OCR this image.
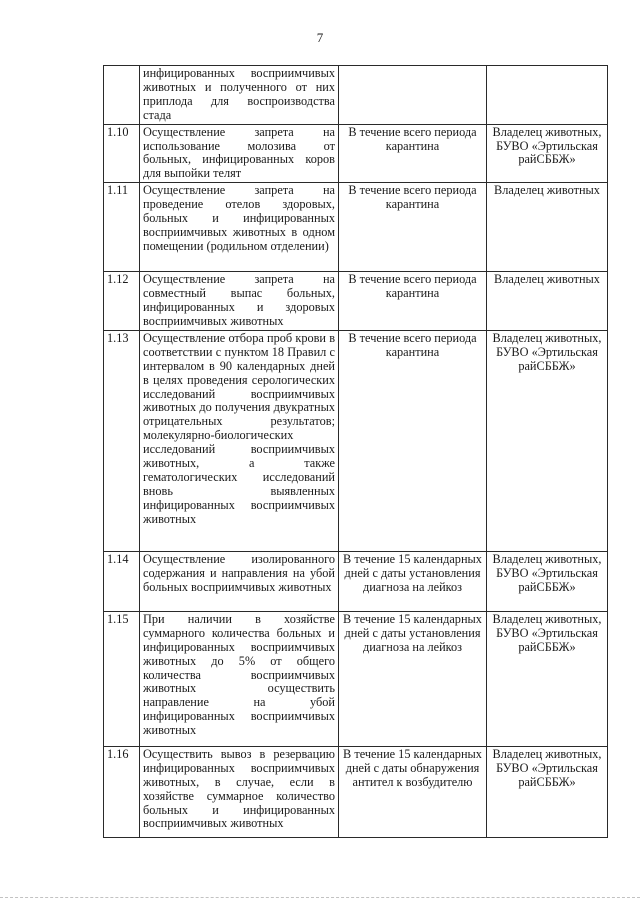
7
	инфицированных восприимчивых животных и полученного от них приплода для воспроизводства стада		
1.10	Осуществление запрета на использование молозива от больных, инфицированных коров для выпойки телят	В течение всего периода карантина	Владелец животных, БУВО «Эртильская райСББЖ»
1.11	Осуществление запрета на проведение отелов здоровых, больных и инфицированных восприимчивых животных в одном помещении (родильном отделении)	В течение всего периода карантина	Владелец животных
1.12	Осуществление запрета на совместный выпас больных, инфицированных и здоровых восприимчивых животных	В течение всего периода карантина	Владелец животных
1.13	Осуществление отбора проб крови в соответствии с пунктом 18 Правил с интервалом в 90 календарных дней в целях проведения серологических исследований восприимчивых животных до получения двукратных отрицательных результатов; молекулярно-биологических исследований восприимчивых животных, а также гематологических исследований вновь выявленных инфицированных восприимчивых животных	В течение всего периода карантина	Владелец животных, БУВО «Эртильская райСББЖ»
1.14	Осуществление изолированного содержания и направления на убой больных восприимчивых животных	В течение 15 календарных дней с даты установления диагноза на лейкоз	Владелец животных, БУВО «Эртильская райСББЖ»
1.15	При наличии в хозяйстве суммарного количества больных и инфицированных восприимчивых животных до 5% от общего количества восприимчивых животных осуществить направление на убой инфицированных восприимчивых животных	В течение 15 календарных дней с даты установления диагноза на лейкоз	Владелец животных, БУВО «Эртильская райСББЖ»
1.16	Осуществить вывоз в резервацию инфицированных восприимчивых животных, в случае, если в хозяйстве суммарное количество больных и инфицированных восприимчивых животных	В течение 15 календарных дней с даты обнаружения антител к возбудителю	Владелец животных, БУВО «Эртильская райСББЖ»
